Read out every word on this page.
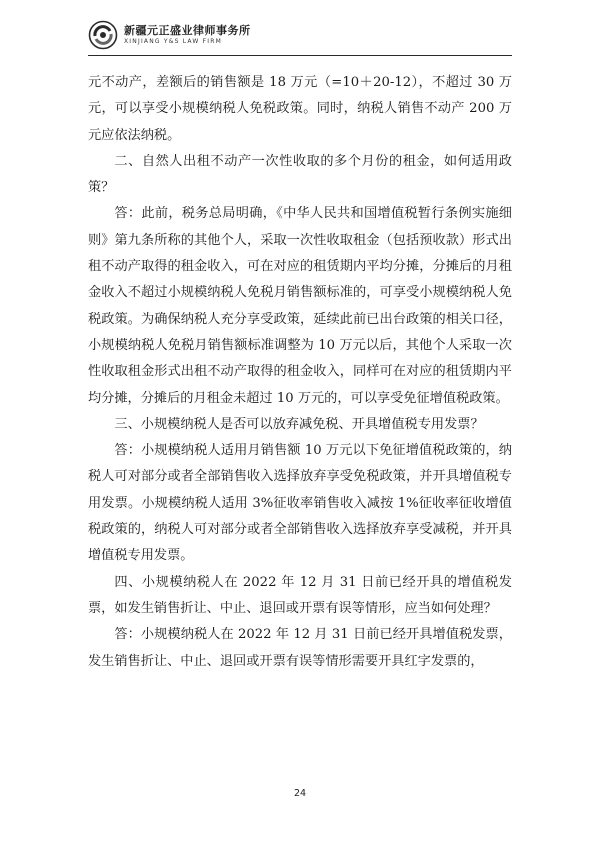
新疆元正盛业律师事务所
XINJIANG Y&S LAW FIRM

元不动产，差额后的销售额是 18 万元（=10＋20-12），不超过 30 万元，可以享受小规模纳税人免税政策。同时，纳税人销售不动产 200 万元应依法纳税。

二、自然人出租不动产一次性收取的多个月份的租金，如何适用政策？

答：此前，税务总局明确，《中华人民共和国增值税暂行条例实施细则》第九条所称的其他个人，采取一次性收取租金（包括预收款）形式出租不动产取得的租金收入，可在对应的租赁期内平均分摊，分摊后的月租金收入不超过小规模纳税人免税月销售额标准的，可享受小规模纳税人免税政策。为确保纳税人充分享受政策，延续此前已出台政策的相关口径，小规模纳税人免税月销售额标准调整为 10 万元以后，其他个人采取一次性收取租金形式出租不动产取得的租金收入，同样可在对应的租赁期内平均分摊，分摊后的月租金未超过 10 万元的，可以享受免征增值税政策。

三、小规模纳税人是否可以放弃减免税、开具增值税专用发票？

答：小规模纳税人适用月销售额 10 万元以下免征增值税政策的，纳税人可对部分或者全部销售收入选择放弃享受免税政策，并开具增值税专用发票。小规模纳税人适用 3%征收率销售收入减按 1%征收率征收增值税政策的，纳税人可对部分或者全部销售收入选择放弃享受减税，并开具增值税专用发票。

四、小规模纳税人在 2022 年 12 月 31 日前已经开具的增值税发票，如发生销售折让、中止、退回或开票有误等情形，应当如何处理？

答：小规模纳税人在 2022 年 12 月 31 日前已经开具增值税发票，发生销售折让、中止、退回或开票有误等情形需要开具红字发票的，

24
